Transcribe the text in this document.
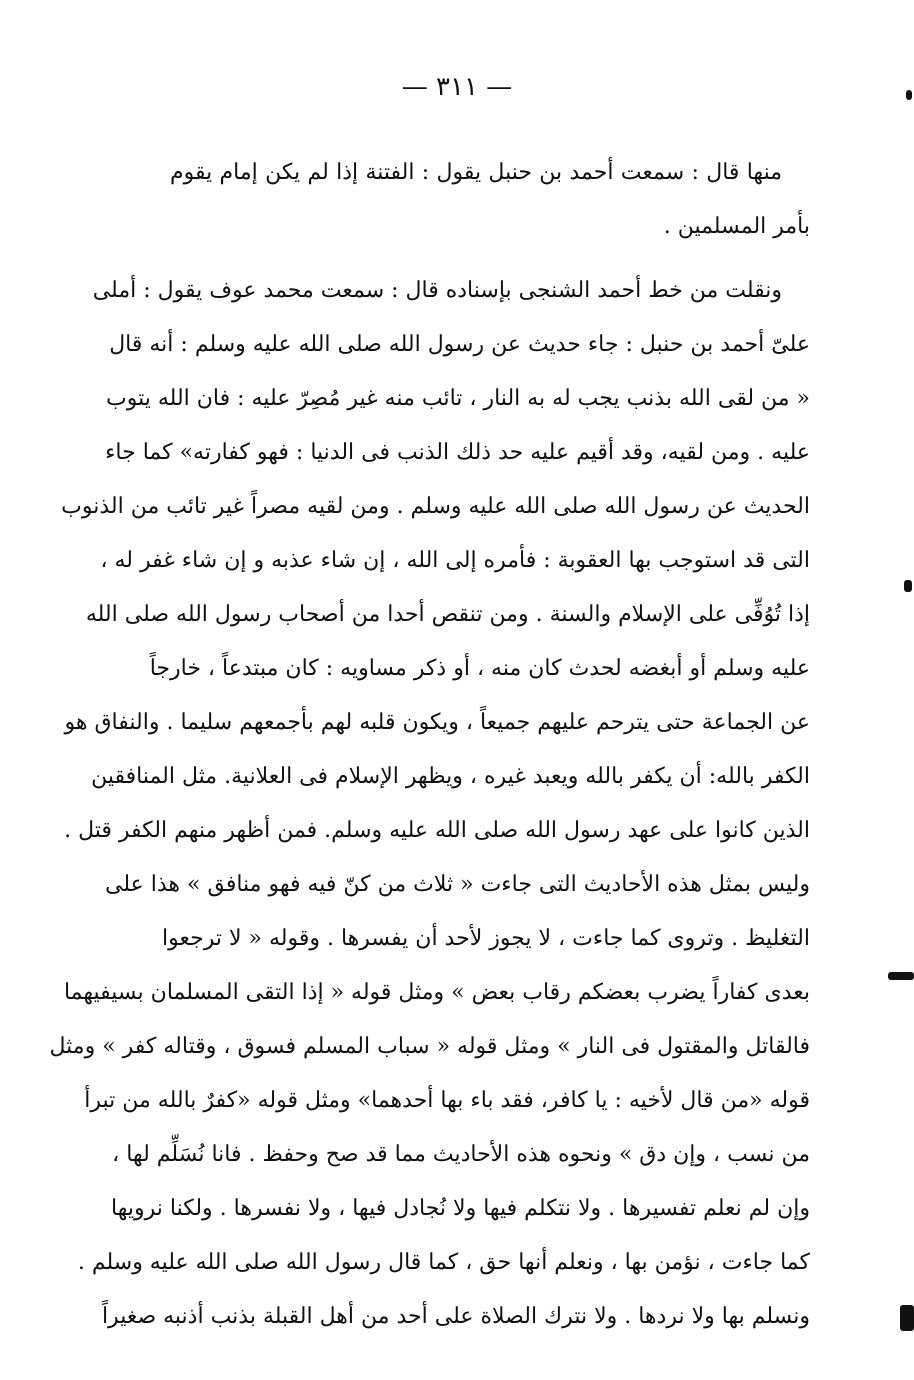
— ٣١١ —
منها قال : سمعت أحمد بن حنبل يقول : الفتنة إذا لم يكن إمام يقوم
بأمر المسلمين .
ونقلت من خط أحمد الشنجى بإسناده قال : سمعت محمد عوف يقول : أملى
علىّ أحمد بن حنبل : جاء حديث عن رسول الله صلى الله عليه وسلم : أنه قال
« من لقى الله بذنب يجب له به النار ، تائب منه غير مُصِرّ عليه : فان الله يتوب
عليه . ومن لقيه، وقد أقيم عليه حد ذلك الذنب فى الدنيا : فهو كفارته» كما جاء
الحديث عن رسول الله صلى الله عليه وسلم . ومن لقيه مصراً غير تائب من الذنوب
التى قد استوجب بها العقوبة : فأمره إلى الله ، إن شاء عذبه و إن شاء غفر له ،
إذا تُوُفِّى على الإسلام والسنة . ومن تنقص أحدا من أصحاب رسول الله صلى الله
عليه وسلم أو أبغضه لحدث كان منه ، أو ذكر مساويه : كان مبتدعاً ، خارجاً
عن الجماعة حتى يترحم عليهم جميعاً ، ويكون قلبه لهم بأجمعهم سليما . والنفاق هو
الكفر بالله: أن يكفر بالله ويعبد غيره ، ويظهر الإسلام فى العلانية. مثل المنافقين
الذين كانوا على عهد رسول الله صلى الله عليه وسلم. فمن أظهر منهم الكفر قتل .
وليس بمثل هذه الأحاديث التى جاءت « ثلاث من كنّ فيه فهو منافق » هذا على
التغليظ . وتروى كما جاءت ، لا يجوز لأحد أن يفسرها . وقوله « لا ترجعوا
بعدى كفاراً يضرب بعضكم رقاب بعض » ومثل قوله « إذا التقى المسلمان بسيفيهما
فالقاتل والمقتول فى النار » ومثل قوله « سباب المسلم فسوق ، وقتاله كفر » ومثل
قوله «من قال لأخيه : يا كافر، فقد باء بها أحدهما» ومثل قوله «كفرٌ بالله من تبرأ
من نسب ، وإن دق » ونحوه هذه الأحاديث مما قد صح وحفظ . فانا نُسَلِّم لها ،
وإن لم نعلم تفسيرها . ولا نتكلم فيها ولا نُجادل فيها ، ولا نفسرها . ولكنا نرويها
كما جاءت ، نؤمن بها ، ونعلم أنها حق ، كما قال رسول الله صلى الله عليه وسلم .
ونسلم بها ولا نردها . ولا نترك الصلاة على أحد من أهل القبلة بذنب أذنبه صغيراً
